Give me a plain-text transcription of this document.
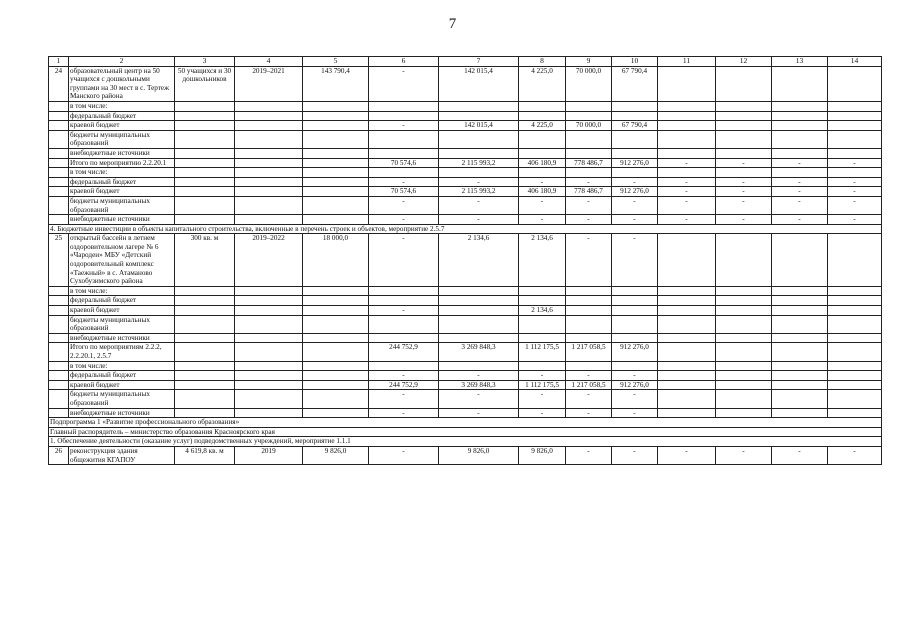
7
1	2	3	4	5	6	7	8	9	10	11	12	13	14
24	образовательный центр на 50 учащихся с дошкольными группами на 30 мест в с. Тертеж Манского района	50 учащихся и 30 дошкольников	2019–2021	143 790,4	-	142 015,4	4 225,0	70 000,0	67 790,4				
	в том числе:												
	федеральный бюджет												
	краевой бюджет				-	142 015,4	4 225,0	70 000,0	67 790,4				
	бюджеты муниципальных образований												
	внебюджетные источники												
	Итого по мероприятию 2.2.20.1				70 574,6	2 115 993,2	406 180,9	778 486,7	912 276,0	-	-	-	-
	в том числе:												
	федеральный бюджет				-	-	-	-	-	-	-	-	-
	краевой бюджет				70 574,6	2 115 993,2	406 180,9	778 486,7	912 276,0	-	-	-	-
	бюджеты муниципальных образований				-	-	-	-	-	-	-	-	-
	внебюджетные источники				-	-	-	-	-	-	-	-	-
4. Бюджетные инвестиции в объекты капитального строительства, включенные в перечень строек и объектов, мероприятие 2.5.7													
25	открытый бассейн в летнем оздоровительном лагере № 6 «Чародеи» МБУ «Детский оздоровительный комплекс «Таежный» в с. Атаманово Сухобузимского района	300 кв. м	2019–2022	18 000,0	-	2 134,6	2 134,6	-	-				
	в том числе:												
	федеральный бюджет												
	краевой бюджет				-		2 134,6						
	бюджеты муниципальных образований												
	внебюджетные источники												
	Итого по мероприятиям 2.2.2, 2.2.20.1, 2.5.7				244 752,9	3 269 848,3	1 112 175,5	1 217 058,5	912 276,0				
	в том числе:												
	федеральный бюджет				-	-	-	-	-				
	краевой бюджет				244 752,9	3 269 848,3	1 112 175,5	1 217 058,5	912 276,0				
	бюджеты муниципальных образований				-	-	-	-	-				
	внебюджетные источники				-	-	-	-	-				
Подпрограмма 1 «Развитие профессионального образования»													
Главный распорядитель – министерство образования Красноярского края													
1. Обеспечение деятельности (оказание услуг) подведомственных учреждений, мероприятие 1.1.1													
26	реконструкция здания общежития КГАПОУ	4 619,8 кв. м	2019	9 826,0	-	9 826,0	9 826,0	-	-	-	-	-	-
